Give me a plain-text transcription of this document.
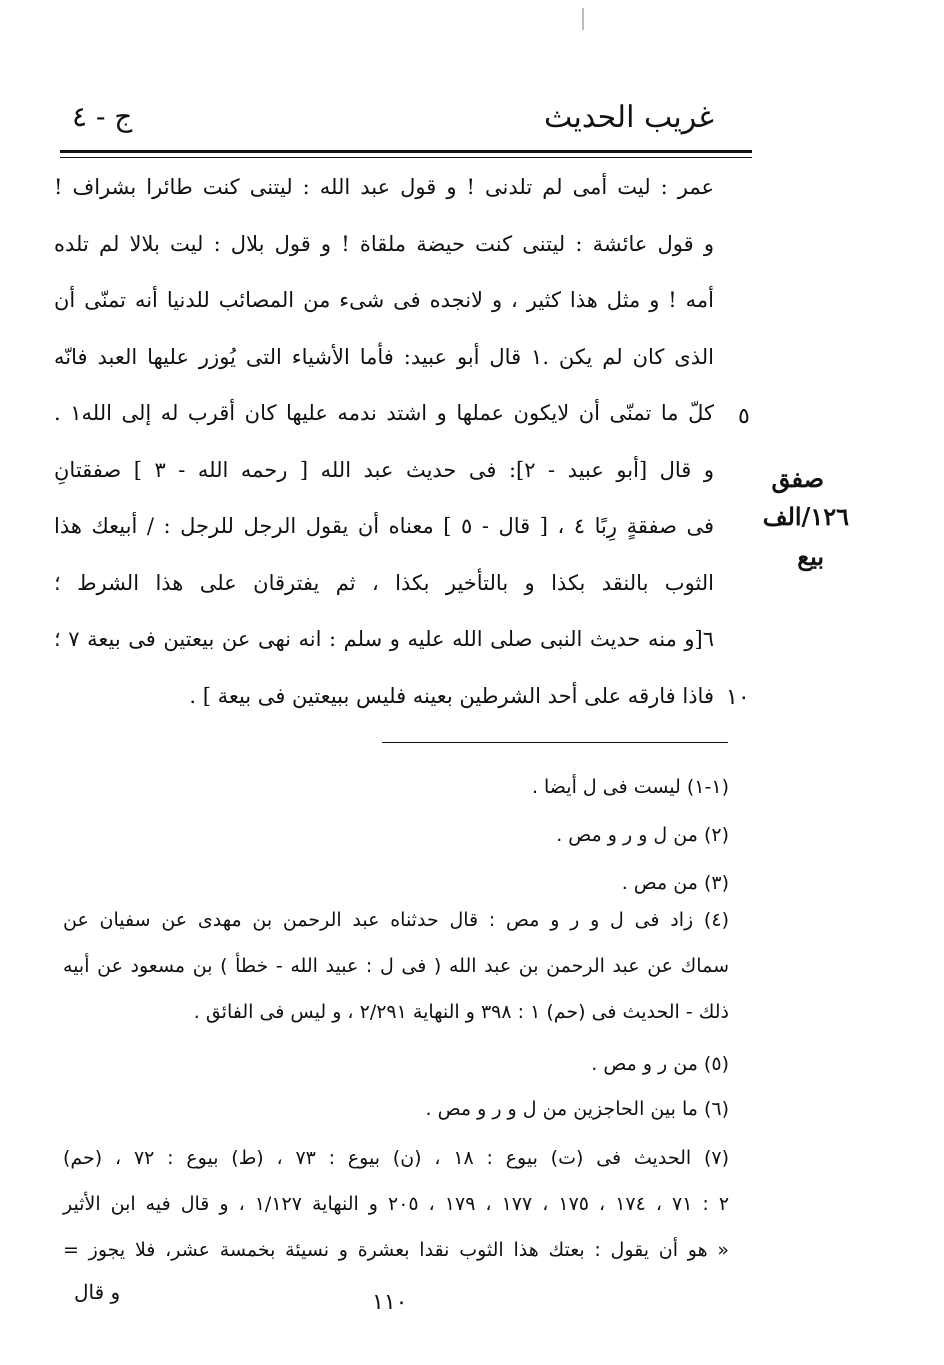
غريب الحديث
ج - ٤
عمر : ليت أمى لم تلدنى ! و قول عبد الله : ليتنى كنت طائرا بشراف !
و قول عائشة : ليتنى كنت حيضة ملقاة ! و قول بلال : ليت بلالا لم تلده
أمه ! و مثل هذا كثير ، و لانجده فى شىء من المصائب للدنيا أنه تمنّى أن
الذى كان لم يكن .١ قال أبو عبيد: فأما الأشياء التى يُوزر عليها العبد فانّه
كلّ ما تمنّى أن لايكون عملها و اشتد ندمه عليها كان أقرب له إلى الله١ .
و قال [أبو عبيد - ٢]: فى حديث عبد الله [ رحمه الله - ٣ ] صفقتانِ
فى صفقةٍ رِبًا ٤ ، [ قال - ٥ ] معناه أن يقول الرجل للرجل : / أبيعك هذا
الثوب بالنقد بكذا و بالتأخير بكذا ، ثم يفترقان على هذا الشرط ؛
٦[و منه حديث النبى صلى الله عليه و سلم : انه نهى عن بيعتين فى بيعة ٧ ؛
فاذا فارقه على أحد الشرطين بعينه فليس ببيعتين فى بيعة ] .
٥
١٠
صفق
١٢٦/الف
بيع
(١-١) ليست فى ل أيضا .
(٢) من ل و ر و مص .
(٣) من مص .
(٤) زاد فى ل و ر و مص : قال حدثناه عبد الرحمن بن مهدى عن سفيان عن
سماك عن عبد الرحمن بن عبد الله ( فى ل : عبيد الله - خطأ ) بن مسعود عن أبيه
ذلك - الحديث فى (حم) ١ : ٣٩٨ و النهاية ٢/٢٩١ ، و ليس فى الفائق .
(٥) من ر و مص .
(٦) ما بين الحاجزين من ل و ر و مص .
(٧) الحديث فى (ت) بيوع : ١٨ ، (ن) بيوع : ٧٣ ، (ط) بيوع : ٧٢ ، (حم)
٢ : ٧١ ، ١٧٤ ، ١٧٥ ، ١٧٧ ، ١٧٩ ، ٢٠٥ و النهاية ١/١٢٧ ، و قال فيه ابن الأثير
« هو أن يقول : بعتك هذا الثوب نقدا بعشرة و نسيئة بخمسة عشر، فلا يجوز =
١١٠
و قال
